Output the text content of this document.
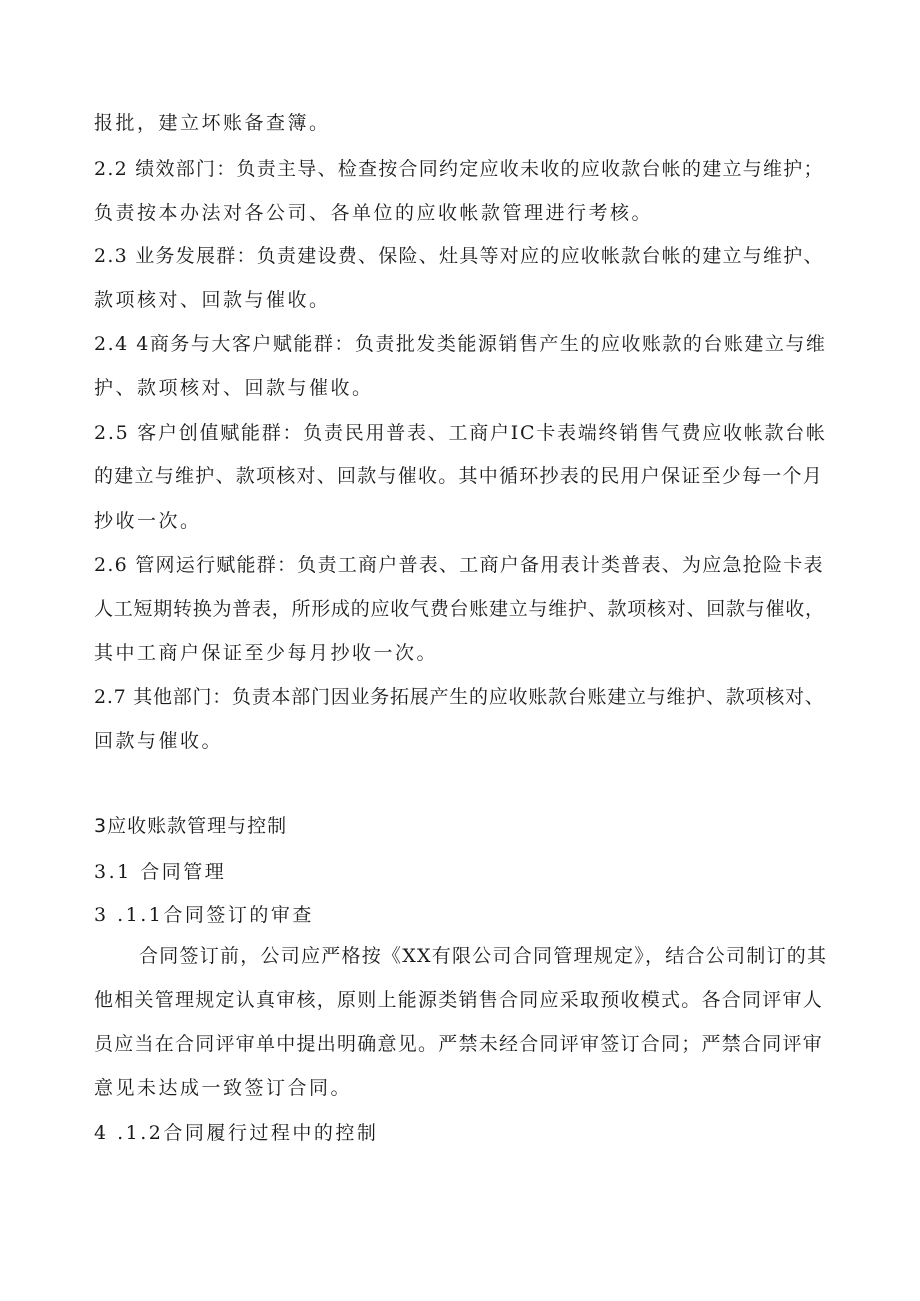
报批，建立坏账备查簿。
2.2 绩效部门：负责主导、检查按合同约定应收未收的应收款台帐的建立与维护；
负责按本办法对各公司、各单位的应收帐款管理进行考核。
2.3 业务发展群：负责建设费、保险、灶具等对应的应收帐款台帐的建立与维护、
款项核对、回款与催收。
2.4 4商务与大客户赋能群：负责批发类能源销售产生的应收账款的台账建立与维
护、款项核对、回款与催收。
2.5 客户创值赋能群：负责民用普表、工商户IC卡表端终销售气费应收帐款台帐
的建立与维护、款项核对、回款与催收。其中循环抄表的民用户保证至少每一个月
抄收一次。
2.6 管网运行赋能群：负责工商户普表、工商户备用表计类普表、为应急抢险卡表
人工短期转换为普表，所形成的应收气费台账建立与维护、款项核对、回款与催收，
其中工商户保证至少每月抄收一次。
2.7 其他部门：负责本部门因业务拓展产生的应收账款台账建立与维护、款项核对、
回款与催收。
3应收账款管理与控制
3.1 合同管理
3 .1.1合同签订的审查
合同签订前，公司应严格按《XX有限公司合同管理规定》，结合公司制订的其
他相关管理规定认真审核，原则上能源类销售合同应采取预收模式。各合同评审人
员应当在合同评审单中提出明确意见。严禁未经合同评审签订合同；严禁合同评审
意见未达成一致签订合同。
4 .1.2合同履行过程中的控制
